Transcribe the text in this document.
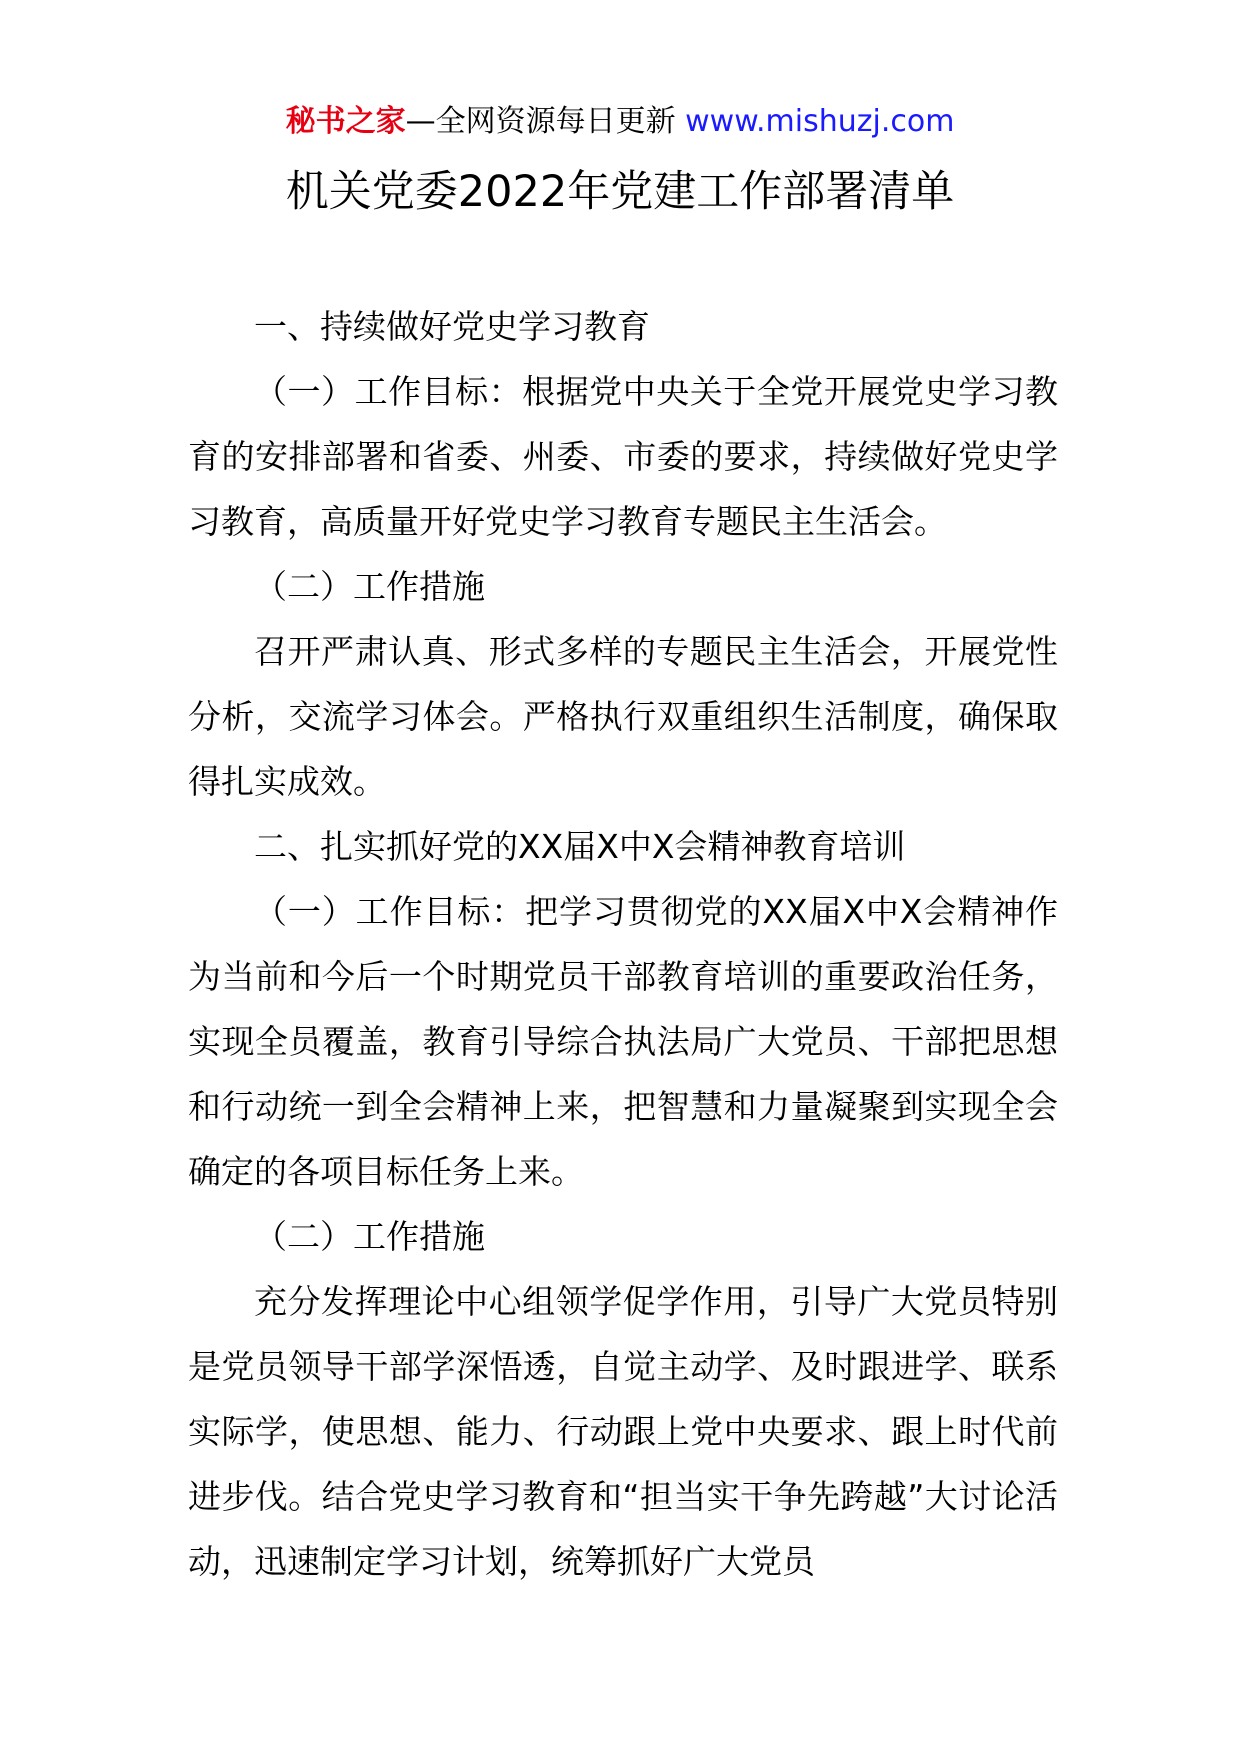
秘书之家—全网资源每日更新 www.mishuzj.com
机关党委2022年党建工作部署清单

一、持续做好党史学习教育

（一）工作目标：根据党中央关于全党开展党史学习教育的安排部署和省委、州委、市委的要求，持续做好党史学习教育，高质量开好党史学习教育专题民主生活会。

（二）工作措施

召开严肃认真、形式多样的专题民主生活会，开展党性分析，交流学习体会。严格执行双重组织生活制度，确保取得扎实成效。

二、扎实抓好党的XX届X中X会精神教育培训

（一）工作目标：把学习贯彻党的XX届X中X会精神作为当前和今后一个时期党员干部教育培训的重要政治任务，实现全员覆盖，教育引导综合执法局广大党员、干部把思想和行动统一到全会精神上来，把智慧和力量凝聚到实现全会确定的各项目标任务上来。

（二）工作措施

充分发挥理论中心组领学促学作用，引导广大党员特别是党员领导干部学深悟透，自觉主动学、及时跟进学、联系实际学，使思想、能力、行动跟上党中央要求、跟上时代前进步伐。结合党史学习教育和“担当实干争先跨越”大讨论活动，迅速制定学习计划，统筹抓好广大党员
